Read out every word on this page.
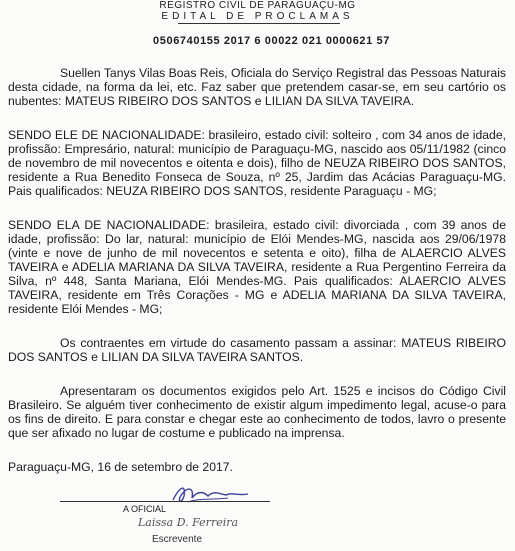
REGISTRO CIVIL DE PARAGUAÇU-MG
EDITAL DE PROCLAMAS
0506740155 2017 6 00022 021 0000621 57

Suellen Tanys Vilas Boas Reis, Oficiala do Serviço Registral das Pessoas Naturais desta cidade, na forma da lei, etc. Faz saber que pretendem casar-se, em seu cartório os nubentes: MATEUS RIBEIRO DOS SANTOS e LILIAN DA SILVA TAVEIRA.

SENDO ELE DE NACIONALIDADE: brasileiro, estado civil: solteiro , com 34 anos de idade, profissão: Empresário, natural: município de Paraguaçu-MG, nascido aos 05/11/1982 (cinco de novembro de mil novecentos e oitenta e dois), filho de NEUZA RIBEIRO DOS SANTOS, residente a Rua Benedito Fonseca de Souza, nº 25, Jardim das Acácias Paraguaçu-MG. Pais qualificados: NEUZA RIBEIRO DOS SANTOS, residente Paraguaçu - MG;

SENDO ELA DE NACIONALIDADE: brasileira, estado civil: divorciada , com 39 anos de idade, profissão: Do lar, natural: município de Elói Mendes-MG, nascida aos 29/06/1978 (vinte e nove de junho de mil novecentos e setenta e oito), filha de ALAERCIO ALVES TAVEIRA e ADELIA MARIANA DA SILVA TAVEIRA, residente a Rua Pergentino Ferreira da Silva, nº 448, Santa Mariana, Elói Mendes-MG. Pais qualificados: ALAERCIO ALVES TAVEIRA, residente em Três Corações - MG e ADELIA MARIANA DA SILVA TAVEIRA, residente Elói Mendes - MG;

Os contraentes em virtude do casamento passam a assinar: MATEUS RIBEIRO DOS SANTOS e LILIAN DA SILVA TAVEIRA SANTOS.

Apresentaram os documentos exigidos pelo Art. 1525 e incisos do Código Civil Brasileiro. Se alguém tiver conhecimento de existir algum impedimento legal, acuse-o para os fins de direito. E para constar e chegar este ao conhecimento de todos, lavro o presente que ser afixado no lugar de costume e publicado na imprensa.

Paraguaçu-MG, 16 de setembro de 2017.

A OFICIAL
Laissa D. Ferreira
Escrevente
